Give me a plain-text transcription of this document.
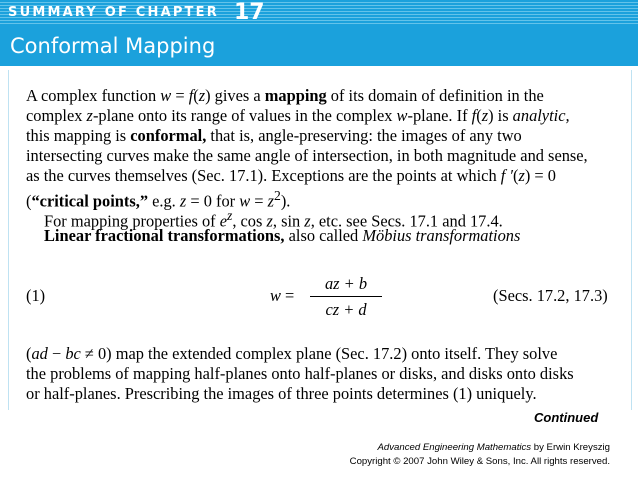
SUMMARY OF CHAPTER 17
Conformal Mapping
A complex function w = f(z) gives a mapping of its domain of definition in the
complex z-plane onto its range of values in the complex w-plane. If f(z) is analytic,
this mapping is conformal, that is, angle-preserving: the images of any two
intersecting curves make the same angle of intersection, in both magnitude and sense,
as the curves themselves (Sec. 17.1). Exceptions are the points at which f ′(z) = 0
(“critical points,” e.g. z = 0 for $w = z^2$).
For mapping properties of $e^z$, cos z, sin z, etc. see Secs. 17.1 and 17.4.
Linear fractional transformations, also called Möbius transformations
(1)	w =
az + b
cz + d
(Secs. 17.2, 17.3)
(ad − bc ≠ 0) map the extended complex plane (Sec. 17.2) onto itself. They solve
the problems of mapping half-planes onto half-planes or disks, and disks onto disks
or half-planes. Prescribing the images of three points determines (1) uniquely.
Continued
Advanced Engineering Mathematics by Erwin Kreyszig
Copyright © 2007 John Wiley & Sons, Inc. All rights reserved.
